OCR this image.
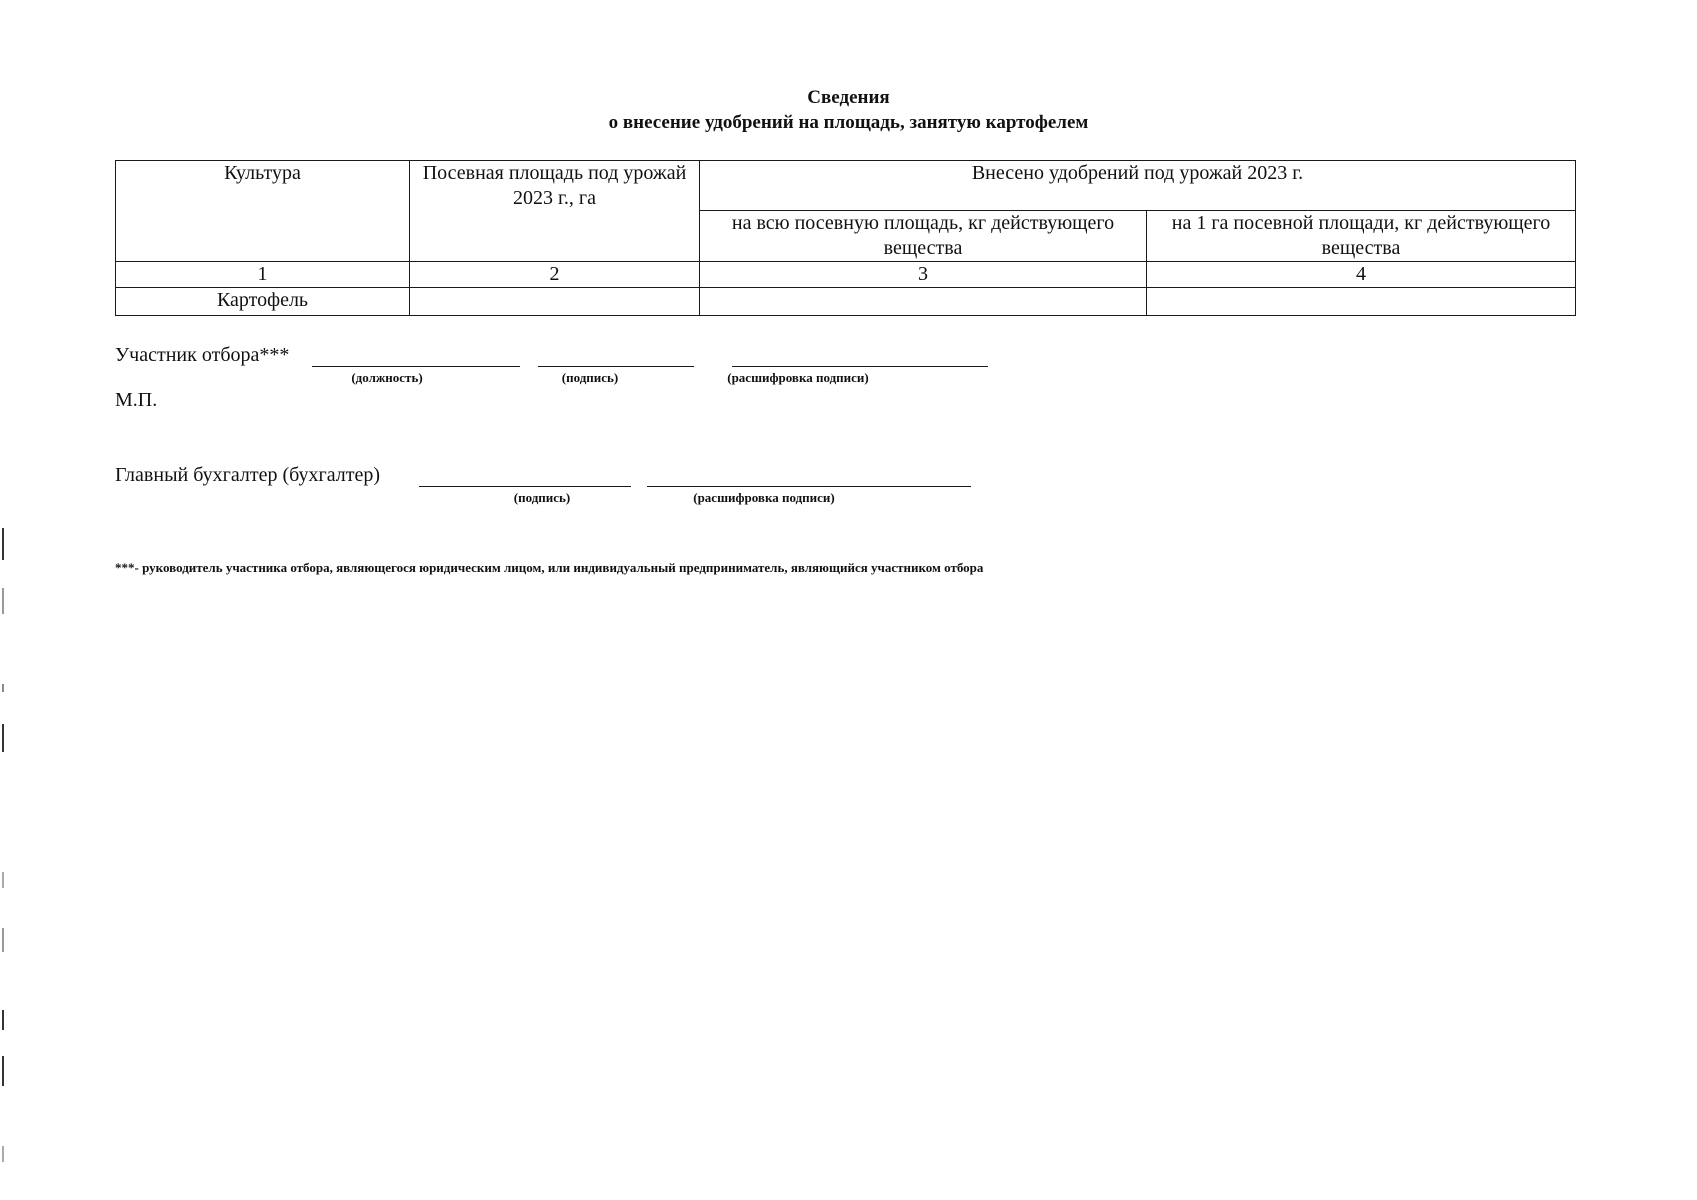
Сведения
о внесение удобрений на площадь, занятую картофелем
Культура	Посевная площадь под урожай 2023 г., га	Внесено удобрений под урожай 2023 г.	
		на всю посевную площадь, кг действующего вещества	на 1 га посевной площади, кг действующего вещества
1	2	3	4
Картофель			
Участник отбора***
(должность)	(подпись)	(расшифровка подписи)
М.П.
Главный бухгалтер (бухгалтер)
(подпись)	(расшифровка подписи)
***- руководитель участника отбора, являющегося юридическим лицом, или индивидуальный предприниматель, являющийся участником отбора
